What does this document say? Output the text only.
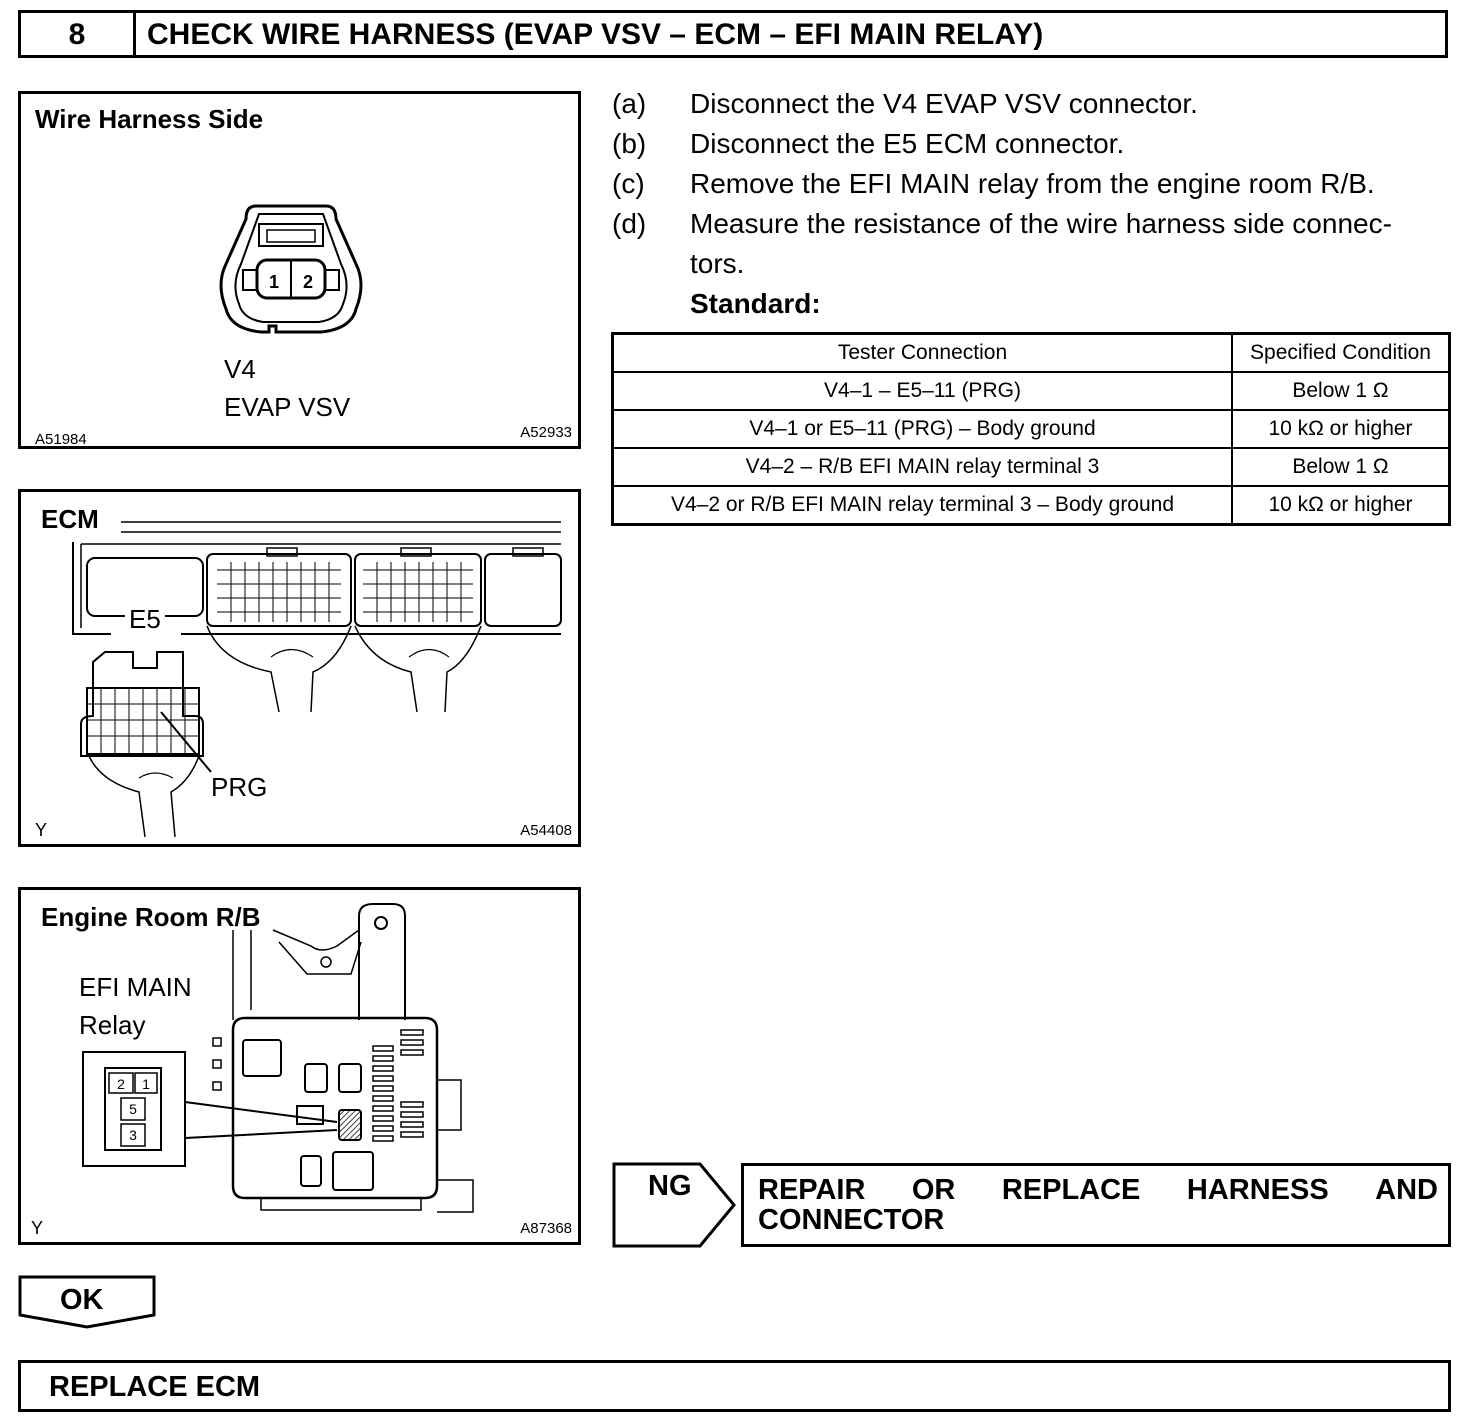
8	CHECK WIRE HARNESS (EVAP VSV – ECM – EFI MAIN RELAY)
Wire Harness Side
1 2
V4
EVAP VSV
A51984	A52933
ECM
E5
PRG
Y	A54408
2 1
5
3
Engine Room R/B
EFI MAIN
Relay
Y	A87368
(a) Disconnect the V4 EVAP VSV connector.
(b) Disconnect the E5 ECM connector.
(c) Remove the EFI MAIN relay from the engine room R/B.
(d) Measure the resistance of the wire harness side connec-
tors.
Standard:
Tester Connection	Specified Condition
V4–1 – E5–11 (PRG)	Below 1 Ω
V4–1 or E5–11 (PRG) – Body ground	10 kΩ or higher
V4–2 – R/B EFI MAIN relay terminal 3	Below 1 Ω
V4–2 or R/B EFI MAIN relay terminal 3 – Body ground	10 kΩ or higher
NG REPAIR OR REPLACE HARNESS AND
CONNECTOR
OK
REPLACE ECM
